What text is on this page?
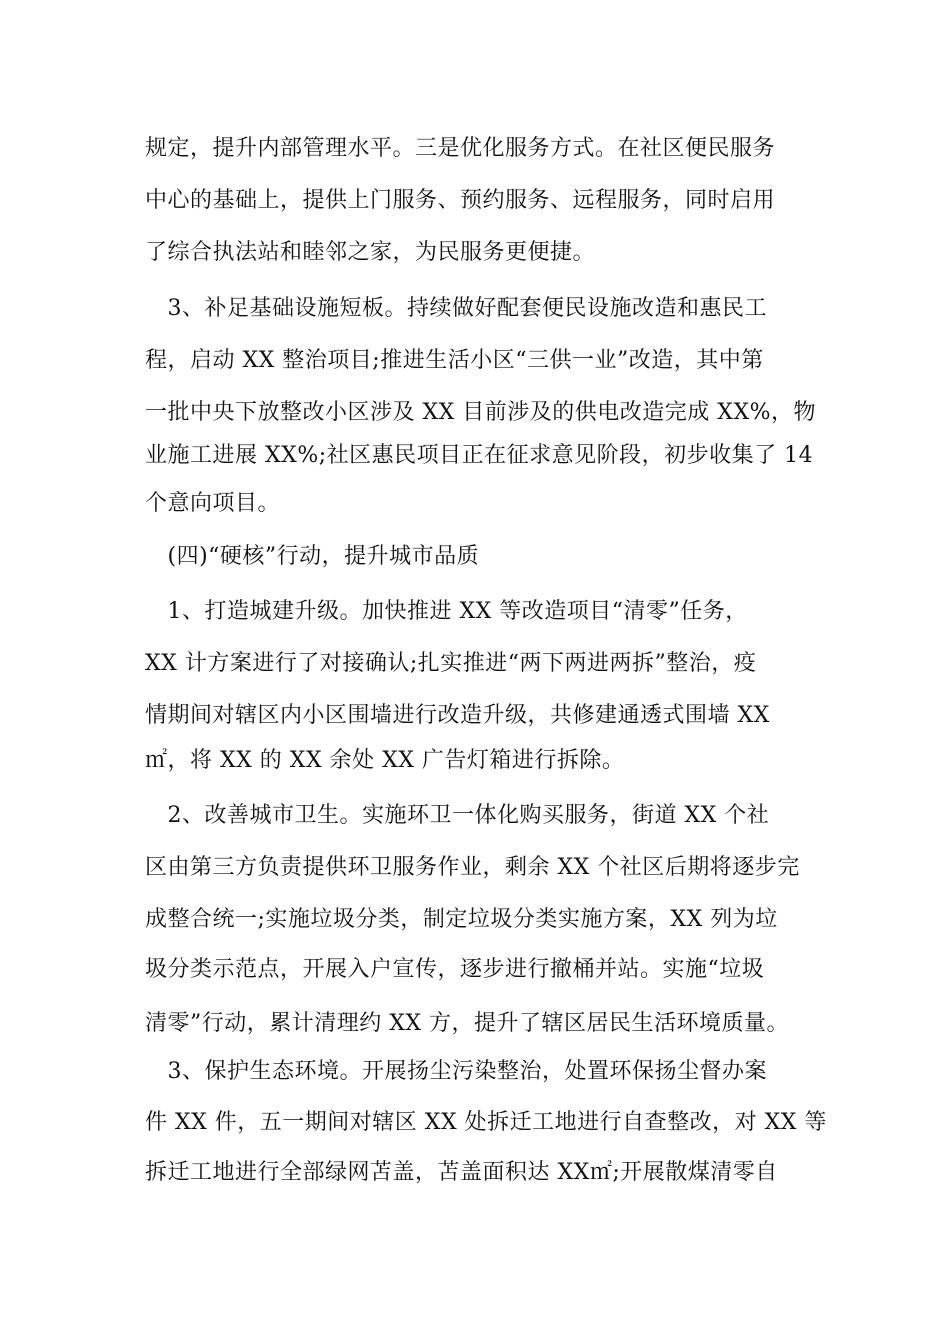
规定，提升内部管理水平。三是优化服务方式。在社区便民服务
中心的基础上，提供上门服务、预约服务、远程服务，同时启用
了综合执法站和睦邻之家，为民服务更便捷。
　3、补足基础设施短板。持续做好配套便民设施改造和惠民工
程，启动 XX 整治项目;推进生活小区“三供一业”改造，其中第
一批中央下放整改小区涉及 XX 目前涉及的供电改造完成 XX%，物
业施工进展 XX%;社区惠民项目正在征求意见阶段，初步收集了 14
个意向项目。
　(四)“硬核”行动，提升城市品质
　1、打造城建升级。加快推进 XX 等改造项目“清零”任务，
XX 计方案进行了对接确认;扎实推进“两下两进两拆”整治，疫
情期间对辖区内小区围墙进行改造升级，共修建通透式围墙 XX
㎡，将 XX 的 XX 余处 XX 广告灯箱进行拆除。
　2、改善城市卫生。实施环卫一体化购买服务，街道 XX 个社
区由第三方负责提供环卫服务作业，剩余 XX 个社区后期将逐步完
成整合统一;实施垃圾分类，制定垃圾分类实施方案，XX 列为垃
圾分类示范点，开展入户宣传，逐步进行撤桶并站。实施“垃圾
清零”行动，累计清理约 XX 方，提升了辖区居民生活环境质量。
　3、保护生态环境。开展扬尘污染整治，处置环保扬尘督办案
件 XX 件，五一期间对辖区 XX 处拆迁工地进行自查整改，对 XX 等
拆迁工地进行全部绿网苫盖，苫盖面积达 XX㎡;开展散煤清零自
